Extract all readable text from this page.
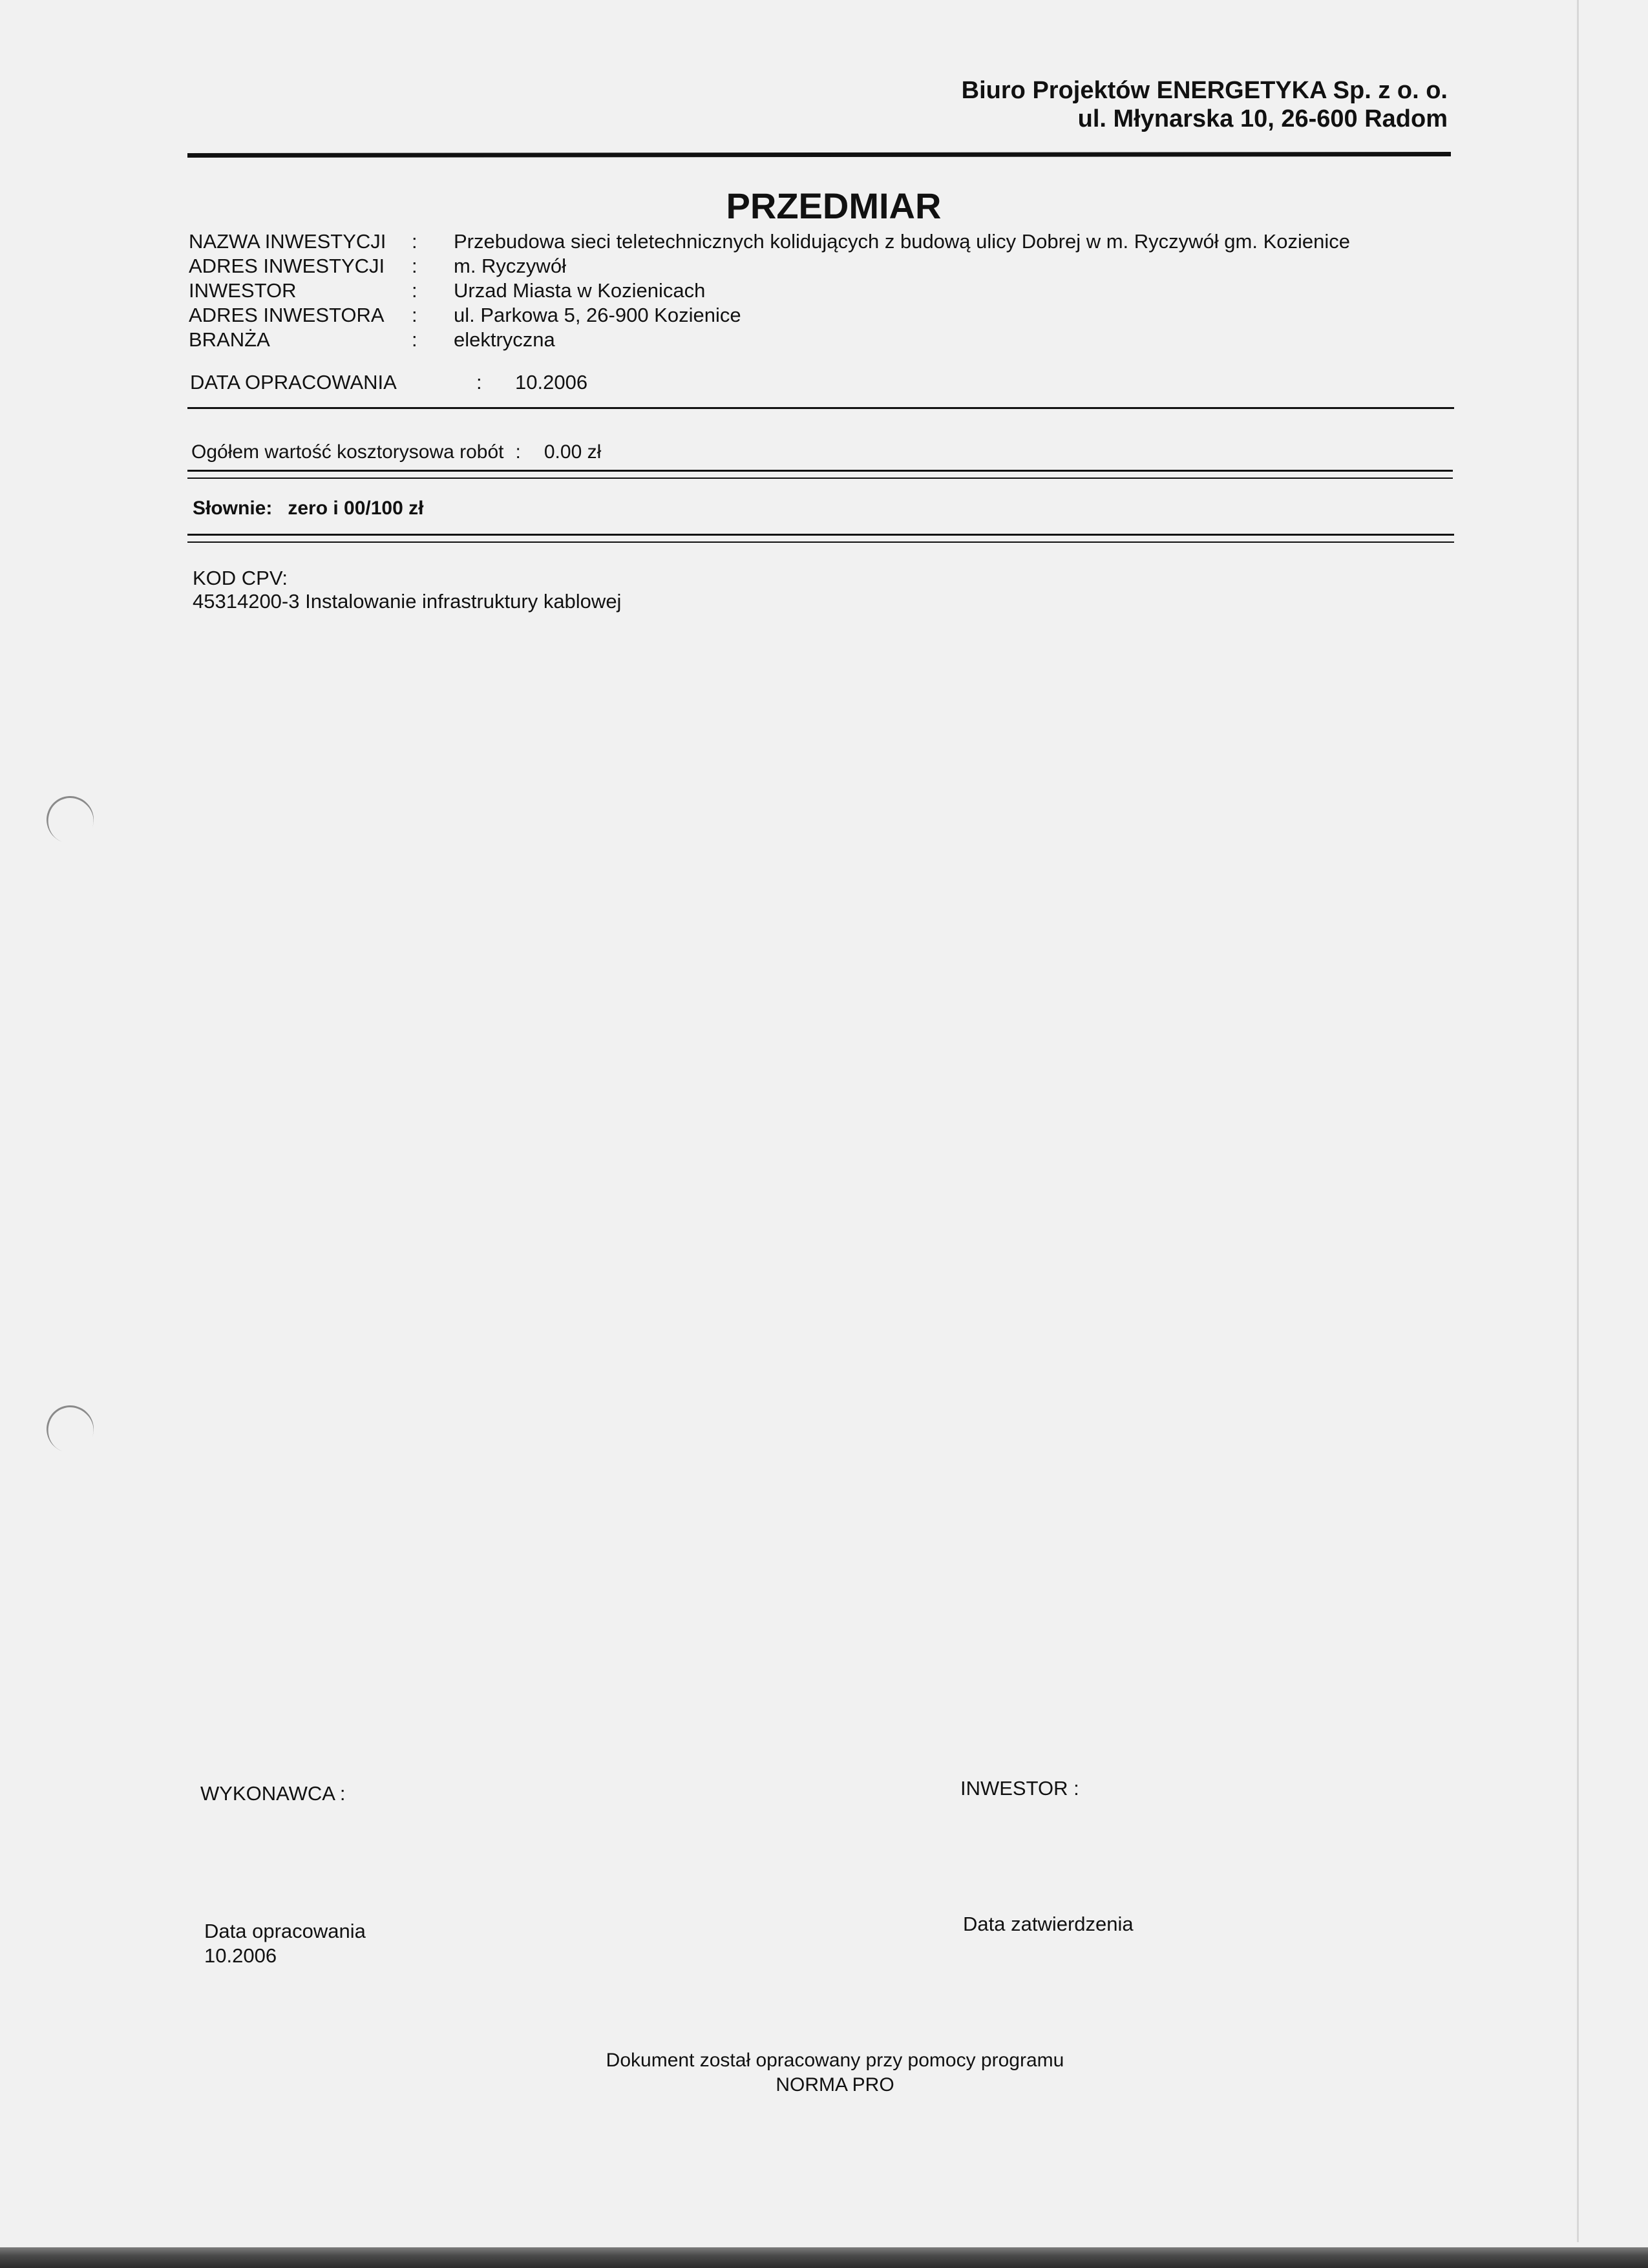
Biuro Projektów ENERGETYKA Sp. z o. o.
ul. Młynarska 10, 26-600 Radom
PRZEDMIAR
NAZWA INWESTYCJI	:	Przebudowa sieci teletechnicznych kolidujących z budową ulicy Dobrej w m. Ryczywół gm. Kozienice
ADRES INWESTYCJI	:	m. Ryczywół
INWESTOR	:	Urzad Miasta w Kozienicach
ADRES INWESTORA	:	ul. Parkowa 5, 26-900 Kozienice
BRANŻA	:	elektryczna
DATA OPRACOWANIA	:	10.2006
Ogółem wartość kosztorysowa robót :	0.00 zł
Słownie: zero i 00/100 zł
KOD CPV:
45314200-3 Instalowanie infrastruktury kablowej
WYKONAWCA :	INWESTOR :
Data opracowania
10.2006
Data zatwierdzenia
Dokument został opracowany przy pomocy programu
NORMA PRO
